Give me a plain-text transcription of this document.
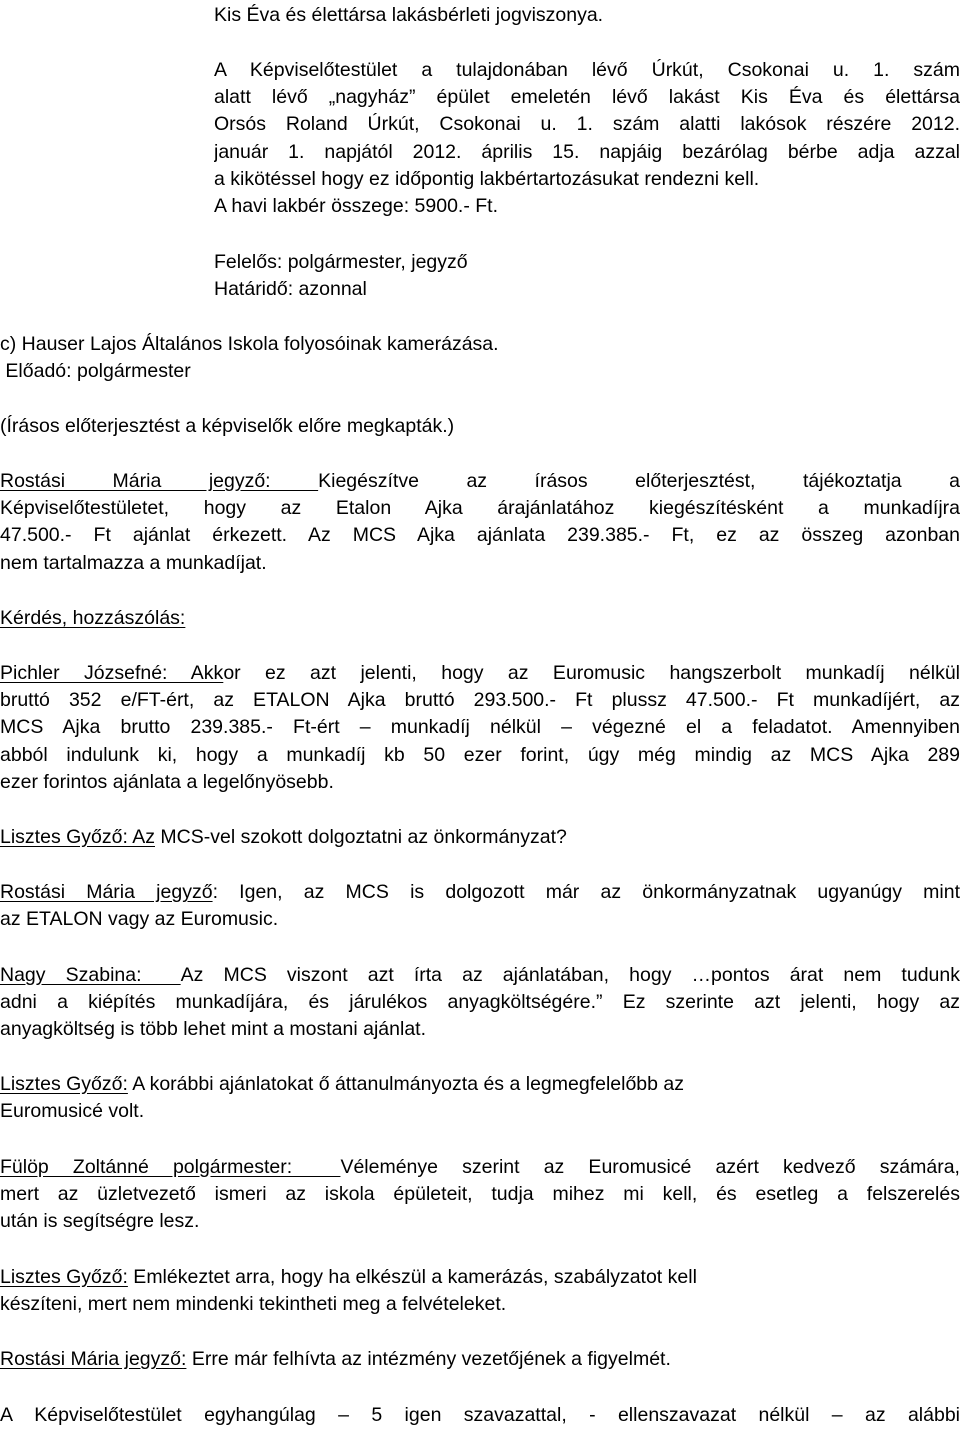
Kis Éva és élettársa lakásbérleti jogviszonya.
A Képviselőtestület a tulajdonában lévő Úrkút, Csokonai u. 1. szám
alatt lévő „nagyház” épület emeletén lévő lakást Kis Éva és élettársa
Orsós Roland Úrkút, Csokonai u. 1. szám alatti lakósok részére 2012.
január 1. napjától 2012. április 15. napjáig bezárólag bérbe adja azzal
a kikötéssel hogy ez időpontig lakbértartozásukat rendezni kell.
A havi lakbér összege: 5900.- Ft.
Felelős: polgármester, jegyző
Határidő: azonnal
c) Hauser Lajos Általános Iskola folyosóinak kamerázása.
Előadó: polgármester
(Írásos előterjesztést a képviselők előre megkapták.)
Rostási Mária jegyző: Kiegészítve az írásos előterjesztést, tájékoztatja a
Képviselőtestületet, hogy az Etalon Ajka árajánlatához kiegészítésként a munkadíjra
47.500.- Ft ajánlat érkezett. Az MCS Ajka ajánlata 239.385.- Ft, ez az összeg azonban
nem tartalmazza a munkadíjat.
Kérdés, hozzászólás:
Pichler Józsefné: Akkor ez azt jelenti, hogy az Euromusic hangszerbolt munkadíj nélkül
bruttó 352 e/FT-ért, az ETALON Ajka bruttó 293.500.- Ft plussz 47.500.- Ft munkadíjért, az
MCS Ajka brutto 239.385.- Ft-ért – munkadíj nélkül – végezné el a feladatot. Amennyiben
abból indulunk ki, hogy a munkadíj kb 50 ezer forint, úgy még mindig az MCS Ajka 289
ezer forintos ajánlata a legelőnyösebb.
Lisztes Győző: Az MCS-vel szokott dolgoztatni az önkormányzat?
Rostási Mária jegyző: Igen, az MCS is dolgozott már az önkormányzatnak ugyanúgy mint
az ETALON vagy az Euromusic.
Nagy Szabina:  Az MCS viszont azt írta az ajánlatában, hogy …pontos árat nem tudunk
adni a kiépítés munkadíjára, és járulékos anyagköltségére.” Ez szerinte azt jelenti, hogy az
anyagköltség is több lehet mint a mostani ajánlat.
Lisztes Győző: A korábbi ajánlatokat ő áttanulmányozta és a legmegfelelőbb az
Euromusicé volt.
Fülöp Zoltánné polgármester:  Véleménye szerint az Euromusicé azért kedvező számára,
mert az üzletvezető ismeri az iskola épületeit, tudja mihez mi kell, és esetleg a felszerelés
után is segítségre lesz.
Lisztes Győző: Emlékeztet arra, hogy ha elkészül a kamerázás, szabályzatot kell
készíteni, mert nem mindenki tekintheti meg a felvételeket.
Rostási Mária jegyző: Erre már felhívta az intézmény vezetőjének a figyelmét.
A Képviselőtestület egyhangúlag – 5 igen szavazattal, - ellenszavazat nélkül – az alábbi
